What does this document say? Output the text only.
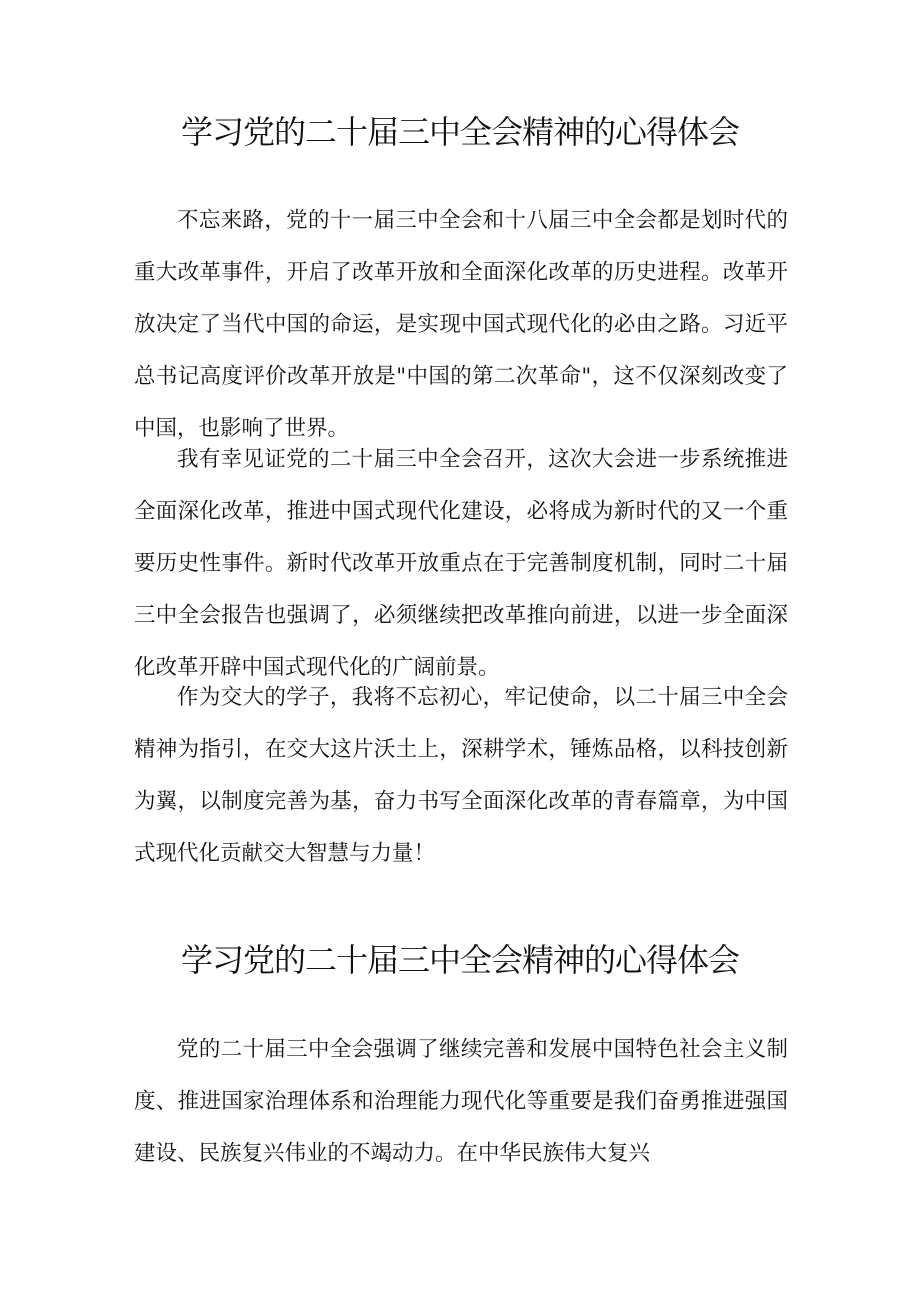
学习党的二十届三中全会精神的心得体会

不忘来路，党的十一届三中全会和十八届三中全会都是划时代的重大改革事件，开启了改革开放和全面深化改革的历史进程。改革开放决定了当代中国的命运，是实现中国式现代化的必由之路。习近平总书记高度评价改革开放是"中国的第二次革命"，这不仅深刻改变了中国，也影响了世界。

我有幸见证党的二十届三中全会召开，这次大会进一步系统推进全面深化改革，推进中国式现代化建设，必将成为新时代的又一个重要历史性事件。新时代改革开放重点在于完善制度机制，同时二十届三中全会报告也强调了，必须继续把改革推向前进，以进一步全面深化改革开辟中国式现代化的广阔前景。

作为交大的学子，我将不忘初心，牢记使命，以二十届三中全会精神为指引，在交大这片沃土上，深耕学术，锤炼品格，以科技创新为翼，以制度完善为基，奋力书写全面深化改革的青春篇章，为中国式现代化贡献交大智慧与力量！

学习党的二十届三中全会精神的心得体会

党的二十届三中全会强调了继续完善和发展中国特色社会主义制度、推进国家治理体系和治理能力现代化等重要是我们奋勇推进强国建设、民族复兴伟业的不竭动力。在中华民族伟大复兴
